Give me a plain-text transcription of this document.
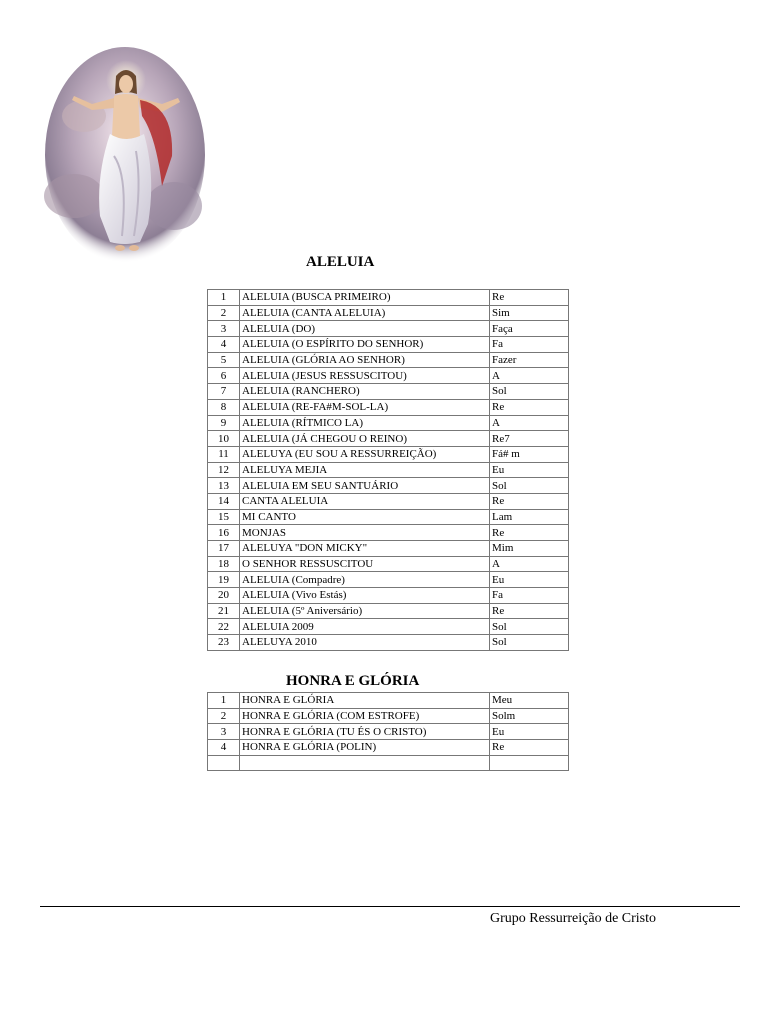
ALELUIA
1	ALELUIA (BUSCA PRIMEIRO)	Re
2	ALELUIA (CANTA ALELUIA)	Sim
3	ALELUIA (DO)	Faça
4	ALELUIA (O ESPÍRITO DO SENHOR)	Fa
5	ALELUIA (GLÓRIA AO SENHOR)	Fazer
6	ALELUIA (JESUS RESSUSCITOU)	A
7	ALELUIA (RANCHERO)	Sol
8	ALELUIA (RE-FA#M-SOL-LA)	Re
9	ALELUIA (RÍTMICO LA)	A
10	ALELUIA (JÁ CHEGOU O REINO)	Re7
11	ALELUYA (EU SOU A RESSURREIÇÃO)	Fá# m
12	ALELUYA MEJIA	Eu
13	ALELUIA EM SEU SANTUÁRIO	Sol
14	CANTA ALELUIA	Re
15	MI CANTO	Lam
16	MONJAS	Re
17	ALELUYA "DON MICKY"	Mim
18	O SENHOR RESSUSCITOU	A
19	ALELUIA (Compadre)	Eu
20	ALELUIA (Vivo Estás)	Fa
21	ALELUIA (5º Aniversário)	Re
22	ALELUIA 2009	Sol
23	ALELUYA 2010	Sol
HONRA E GLÓRIA
1	HONRA E GLÓRIA	Meu
2	HONRA E GLÓRIA (COM ESTROFE)	Solm
3	HONRA E GLÓRIA (TU ÉS O CRISTO)	Eu
4	HONRA E GLÓRIA (POLIN)	Re

Grupo Ressurreição de Cristo
